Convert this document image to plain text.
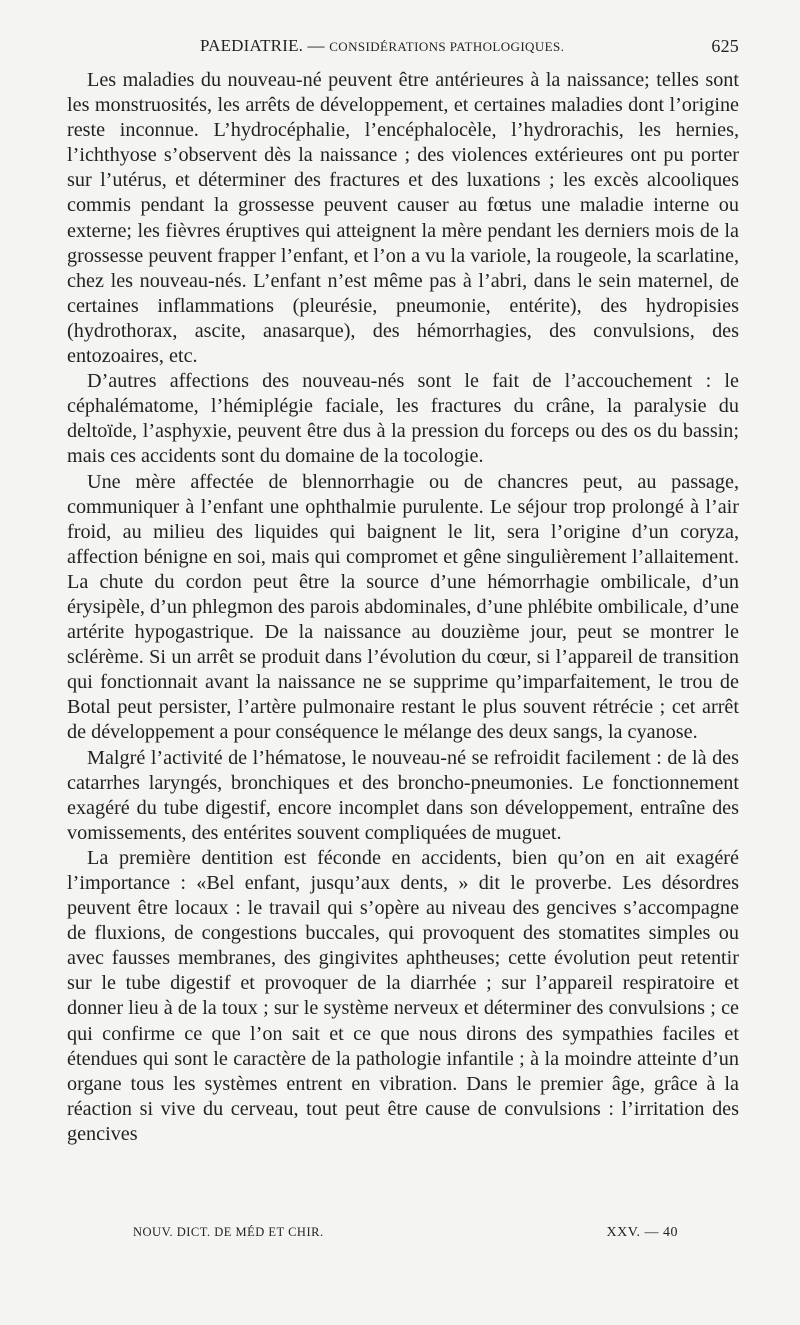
PAEDIATRIE. — CONSIDÉRATIONS PATHOLOGIQUES.	625

Les maladies du nouveau-né peuvent être antérieures à la naissance; telles sont les monstruosités, les arrêts de développement, et certaines maladies dont l’origine reste inconnue. L’hydrocéphalie, l’encéphalocèle, l’hydrorachis, les hernies, l’ichthyose s’observent dès la naissance ; des violences extérieures ont pu porter sur l’utérus, et déterminer des fractures et des luxations ; les excès alcooliques commis pendant la grossesse peuvent causer au fœtus une maladie interne ou externe; les fièvres éruptives qui atteignent la mère pendant les derniers mois de la grossesse peuvent frapper l’enfant, et l’on a vu la variole, la rougeole, la scarlatine, chez les nouveau-nés. L’enfant n’est même pas à l’abri, dans le sein maternel, de certaines inflammations (pleurésie, pneumonie, entérite), des hydropisies (hydrothorax, ascite, anasarque), des hémorrhagies, des convulsions, des entozoaires, etc.

D’autres affections des nouveau-nés sont le fait de l’accouchement : le céphalématome, l’hémiplégie faciale, les fractures du crâne, la paralysie du deltoïde, l’asphyxie, peuvent être dus à la pression du forceps ou des os du bassin; mais ces accidents sont du domaine de la tocologie.

Une mère affectée de blennorrhagie ou de chancres peut, au passage, communiquer à l’enfant une ophthalmie purulente. Le séjour trop prolongé à l’air froid, au milieu des liquides qui baignent le lit, sera l’origine d’un coryza, affection bénigne en soi, mais qui compromet et gêne singulièrement l’allaitement. La chute du cordon peut être la source d’une hémorrhagie ombilicale, d’un érysipèle, d’un phlegmon des parois abdominales, d’une phlébite ombilicale, d’une artérite hypogastrique. De la naissance au douzième jour, peut se montrer le sclérème. Si un arrêt se produit dans l’évolution du cœur, si l’appareil de transition qui fonctionnait avant la naissance ne se supprime qu’imparfaitement, le trou de Botal peut persister, l’artère pulmonaire restant le plus souvent rétrécie ; cet arrêt de développement a pour conséquence le mélange des deux sangs, la cyanose.

Malgré l’activité de l’hématose, le nouveau-né se refroidit facilement : de là des catarrhes laryngés, bronchiques et des broncho-pneumonies. Le fonctionnement exagéré du tube digestif, encore incomplet dans son développement, entraîne des vomissements, des entérites souvent compliquées de muguet.

La première dentition est féconde en accidents, bien qu’on en ait exagéré l’importance : «Bel enfant, jusqu’aux dents, » dit le proverbe. Les désordres peuvent être locaux : le travail qui s’opère au niveau des gencives s’accompagne de fluxions, de congestions buccales, qui provoquent des stomatites simples ou avec fausses membranes, des gingivites aphtheuses; cette évolution peut retentir sur le tube digestif et provoquer de la diarrhée ; sur l’appareil respiratoire et donner lieu à de la toux ; sur le système nerveux et déterminer des convulsions ; ce qui confirme ce que l’on sait et ce que nous dirons des sympathies faciles et étendues qui sont le caractère de la pathologie infantile ; à la moindre atteinte d’un organe tous les systèmes entrent en vibration. Dans le premier âge, grâce à la réaction si vive du cerveau, tout peut être cause de convulsions : l’irritation des gencives

NOUV. DICT. DE MÉD ET CHIR.	XXV. — 40
